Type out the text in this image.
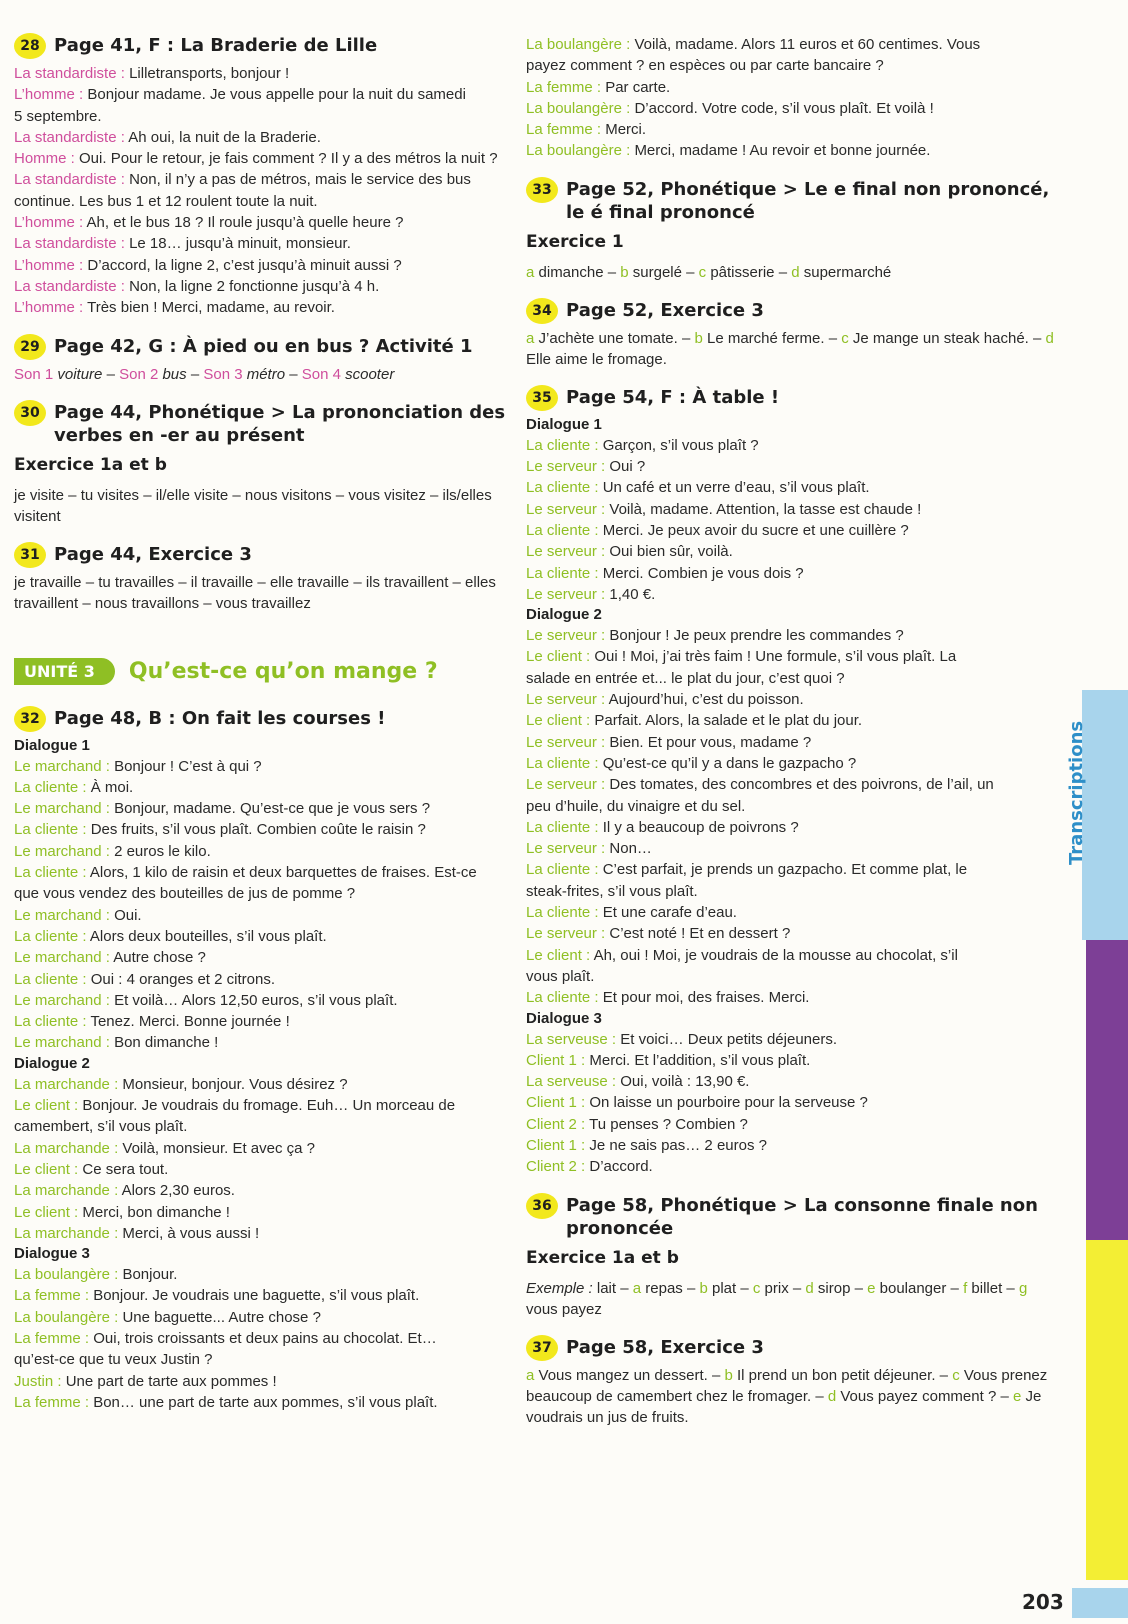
28 Page 41, F : La Braderie de Lille
La standardiste : Lilletransports, bonjour !
L’homme : Bonjour madame. Je vous appelle pour la nuit du samedi
5 septembre.
La standardiste : Ah oui, la nuit de la Braderie.
Homme : Oui. Pour le retour, je fais comment ? Il y a des métros la nuit ?
La standardiste : Non, il n’y a pas de métros, mais le service des bus
continue. Les bus 1 et 12 roulent toute la nuit.
L’homme : Ah, et le bus 18 ? Il roule jusqu’à quelle heure ?
La standardiste : Le 18… jusqu’à minuit, monsieur.
L’homme : D’accord, la ligne 2, c’est jusqu’à minuit aussi ?
La standardiste : Non, la ligne 2 fonctionne jusqu’à 4 h.
L’homme : Très bien ! Merci, madame, au revoir.
29 Page 42, G : À pied ou en bus ? Activité 1
Son 1 voiture – Son 2 bus – Son 3 métro – Son 4 scooter
30 Page 44, Phonétique > La prononciation des verbes en -er au présent
Exercice 1a et b
je visite – tu visites – il/elle visite – nous visitons – vous visitez – ils/elles visitent
31 Page 44, Exercice 3
je travaille – tu travailles – il travaille – elle travaille – ils travaillent – elles travaillent – nous travaillons – vous travaillez
UNITÉ 3	Qu’est-ce qu’on mange ?
32 Page 48, B : On fait les courses !
Dialogue 1
Le marchand : Bonjour ! C’est à qui ?
La cliente : À moi.
Le marchand : Bonjour, madame. Qu’est-ce que je vous sers ?
La cliente : Des fruits, s’il vous plaît. Combien coûte le raisin ?
Le marchand : 2 euros le kilo.
La cliente : Alors, 1 kilo de raisin et deux barquettes de fraises. Est-ce
que vous vendez des bouteilles de jus de pomme ?
Le marchand : Oui.
La cliente : Alors deux bouteilles, s’il vous plaît.
Le marchand : Autre chose ?
La cliente : Oui : 4 oranges et 2 citrons.
Le marchand : Et voilà… Alors 12,50 euros, s’il vous plaît.
La cliente : Tenez. Merci. Bonne journée !
Le marchand : Bon dimanche !
Dialogue 2
La marchande : Monsieur, bonjour. Vous désirez ?
Le client : Bonjour. Je voudrais du fromage. Euh… Un morceau de
camembert, s’il vous plaît.
La marchande : Voilà, monsieur. Et avec ça ?
Le client : Ce sera tout.
La marchande : Alors 2,30 euros.
Le client : Merci, bon dimanche !
La marchande : Merci, à vous aussi !
Dialogue 3
La boulangère : Bonjour.
La femme : Bonjour. Je voudrais une baguette, s’il vous plaît.
La boulangère : Une baguette... Autre chose ?
La femme : Oui, trois croissants et deux pains au chocolat. Et…
qu’est-ce que tu veux Justin ?
Justin : Une part de tarte aux pommes !
La femme : Bon… une part de tarte aux pommes, s’il vous plaît.
La boulangère : Voilà, madame. Alors 11 euros et 60 centimes. Vous
payez comment ? en espèces ou par carte bancaire ?
La femme : Par carte.
La boulangère : D’accord. Votre code, s’il vous plaît. Et voilà !
La femme : Merci.
La boulangère : Merci, madame ! Au revoir et bonne journée.
33 Page 52, Phonétique > Le e final non prononcé, le é final prononcé
Exercice 1
a dimanche – b surgelé – c pâtisserie – d supermarché
34 Page 52, Exercice 3
a J’achète une tomate. – b Le marché ferme. – c Je mange un steak haché. – d Elle aime le fromage.
35 Page 54, F : À table !
Dialogue 1
La cliente : Garçon, s’il vous plaît ?
Le serveur : Oui ?
La cliente : Un café et un verre d’eau, s’il vous plaît.
Le serveur : Voilà, madame. Attention, la tasse est chaude !
La cliente : Merci. Je peux avoir du sucre et une cuillère ?
Le serveur : Oui bien sûr, voilà.
La cliente : Merci. Combien je vous dois ?
Le serveur : 1,40 €.
Dialogue 2
Le serveur : Bonjour ! Je peux prendre les commandes ?
Le client : Oui ! Moi, j’ai très faim ! Une formule, s’il vous plaît. La
salade en entrée et... le plat du jour, c’est quoi ?
Le serveur : Aujourd’hui, c’est du poisson.
Le client : Parfait. Alors, la salade et le plat du jour.
Le serveur : Bien. Et pour vous, madame ?
La cliente : Qu’est-ce qu’il y a dans le gazpacho ?
Le serveur : Des tomates, des concombres et des poivrons, de l’ail, un
peu d’huile, du vinaigre et du sel.
La cliente : Il y a beaucoup de poivrons ?
Le serveur : Non…
La cliente : C’est parfait, je prends un gazpacho. Et comme plat, le
steak-frites, s’il vous plaît.
La cliente : Et une carafe d’eau.
Le serveur : C’est noté ! Et en dessert ?
Le client : Ah, oui ! Moi, je voudrais de la mousse au chocolat, s’il
vous plaît.
La cliente : Et pour moi, des fraises. Merci.
Dialogue 3
La serveuse : Et voici… Deux petits déjeuners.
Client 1 : Merci. Et l’addition, s’il vous plaît.
La serveuse : Oui, voilà : 13,90 €.
Client 1 : On laisse un pourboire pour la serveuse ?
Client 2 : Tu penses ? Combien ?
Client 1 : Je ne sais pas… 2 euros ?
Client 2 : D’accord.
36 Page 58, Phonétique > La consonne finale non prononcée
Exercice 1a et b
Exemple : lait – a repas – b plat – c prix – d sirop – e boulanger – f billet – g vous payez
37 Page 58, Exercice 3
a Vous mangez un dessert. – b Il prend un bon petit déjeuner. – c Vous prenez beaucoup de camembert chez le fromager. – d Vous payez comment ? – e Je voudrais un jus de fruits.
Transcriptions
203
